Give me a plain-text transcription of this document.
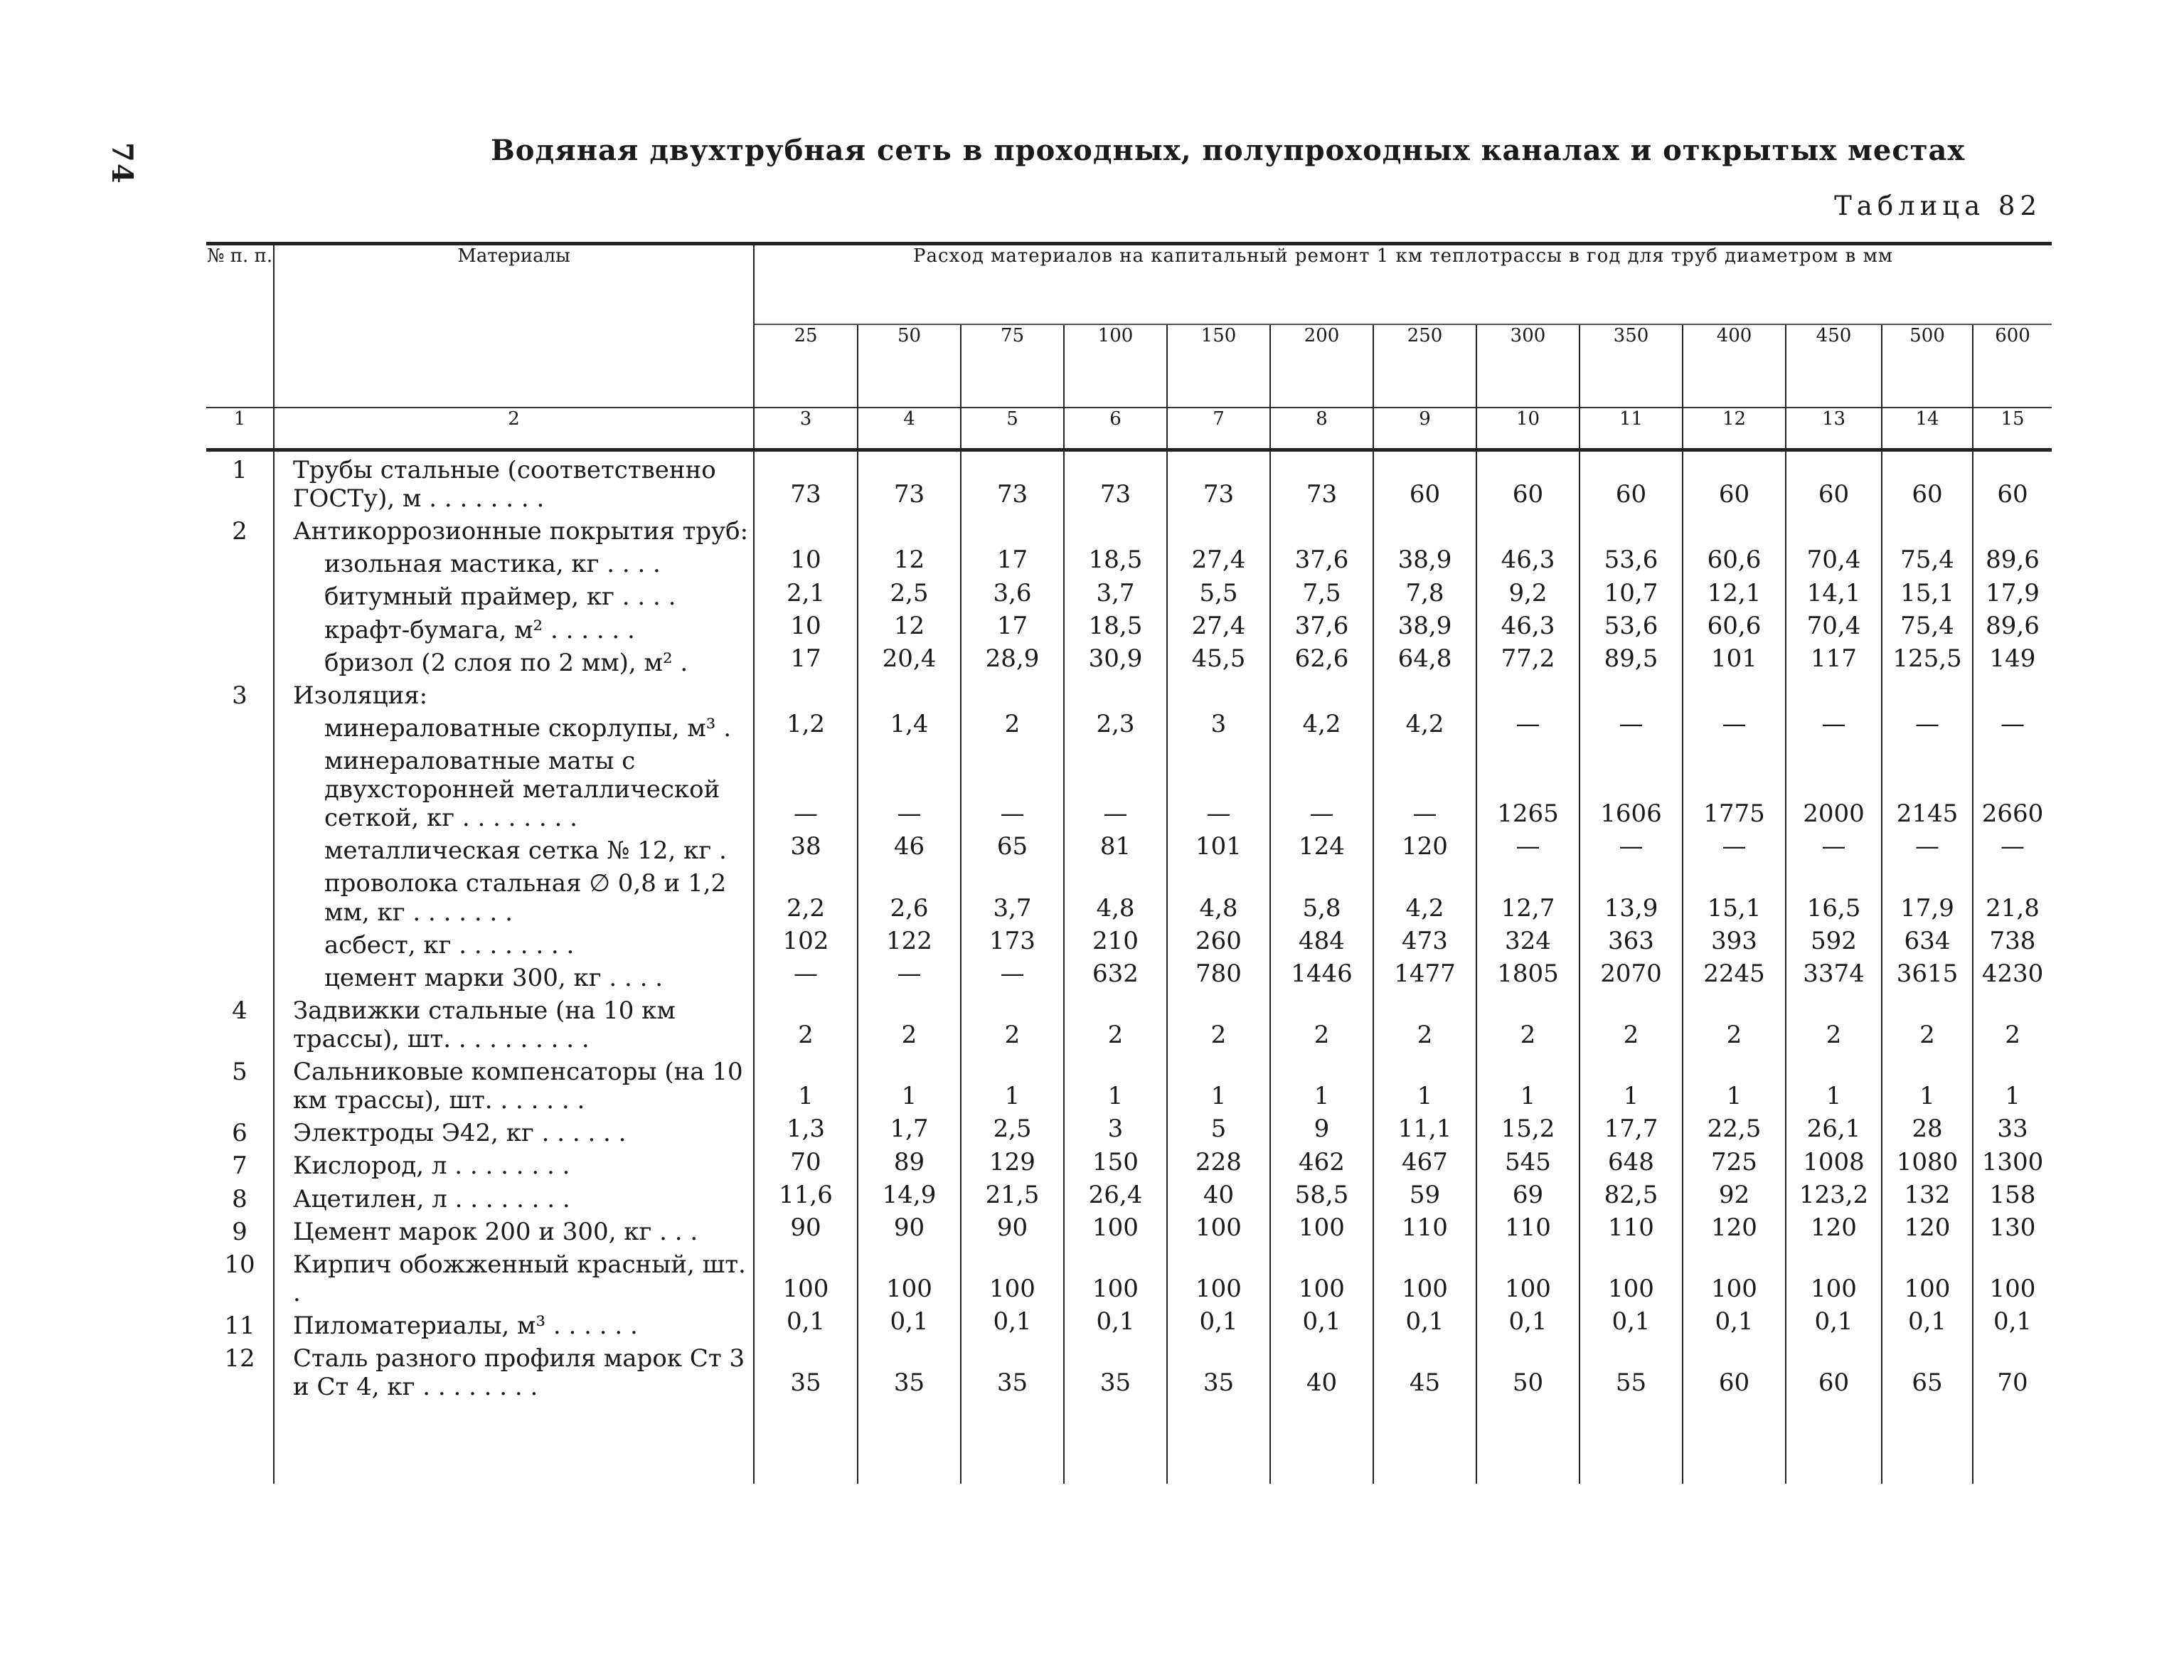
74	Водяная двухтрубная сеть в проходных, полупроходных каналах и открытых местах
Таблица 82
№ п. п.	Материалы	Расход материалов на капитальный ремонт 1 км теплотрассы в год для труб диаметром в мм												
		25	50	75	100	150	200	250	300	350	400	450	500	600
1	2	3	4	5	6	7	8	9	10	11	12	13	14	15
1	Трубы стальные (соответственно ГОСТу), м . . . . . . . .	73	73	73	73	73	73	60	60	60	60	60	60	60
2	Антикоррозионные покрытия труб:													
	изольная мастика, кг . . . .	10	12	17	18,5	27,4	37,6	38,9	46,3	53,6	60,6	70,4	75,4	89,6
	битумный праймер, кг . . . .	2,1	2,5	3,6	3,7	5,5	7,5	7,8	9,2	10,7	12,1	14,1	15,1	17,9
	крафт-бумага, м² . . . . . .	10	12	17	18,5	27,4	37,6	38,9	46,3	53,6	60,6	70,4	75,4	89,6
	бризол (2 слоя по 2 мм), м² .	17	20,4	28,9	30,9	45,5	62,6	64,8	77,2	89,5	101	117	125,5	149
3	Изоляция:													
	минераловатные скорлупы, м³ .	1,2	1,4	2	2,3	3	4,2	4,2	—	—	—	—	—	—
	минераловатные маты с двухсторонней металлической сеткой, кг . . . . . . . .	—	—	—	—	—	—	—	1265	1606	1775	2000	2145	2660
	металлическая сетка № 12, кг .	38	46	65	81	101	124	120	—	—	—	—	—	—
	проволока стальная ∅ 0,8 и 1,2 мм, кг . . . . . . .	2,2	2,6	3,7	4,8	4,8	5,8	4,2	12,7	13,9	15,1	16,5	17,9	21,8
	асбест, кг . . . . . . . .	102	122	173	210	260	484	473	324	363	393	592	634	738
	цемент марки 300, кг . . . .	—	—	—	632	780	1446	1477	1805	2070	2245	3374	3615	4230
4	Задвижки стальные (на 10 км трассы), шт. . . . . . . . . .	2	2	2	2	2	2	2	2	2	2	2	2	2
5	Сальниковые компенсаторы (на 10 км трассы), шт. . . . . . .	1	1	1	1	1	1	1	1	1	1	1	1	1
6	Электроды Э42, кг . . . . . .	1,3	1,7	2,5	3	5	9	11,1	15,2	17,7	22,5	26,1	28	33
7	Кислород, л . . . . . . . .	70	89	129	150	228	462	467	545	648	725	1008	1080	1300
8	Ацетилен, л . . . . . . . .	11,6	14,9	21,5	26,4	40	58,5	59	69	82,5	92	123,2	132	158
9	Цемент марок 200 и 300, кг . . .	90	90	90	100	100	100	110	110	110	120	120	120	130
10	Кирпич обожженный красный, шт. .	100	100	100	100	100	100	100	100	100	100	100	100	100
11	Пиломатериалы, м³ . . . . . .	0,1	0,1	0,1	0,1	0,1	0,1	0,1	0,1	0,1	0,1	0,1	0,1	0,1
12	Сталь разного профиля марок Ст 3 и Ст 4, кг . . . . . . . .	35	35	35	35	35	40	45	50	55	60	60	65	70
